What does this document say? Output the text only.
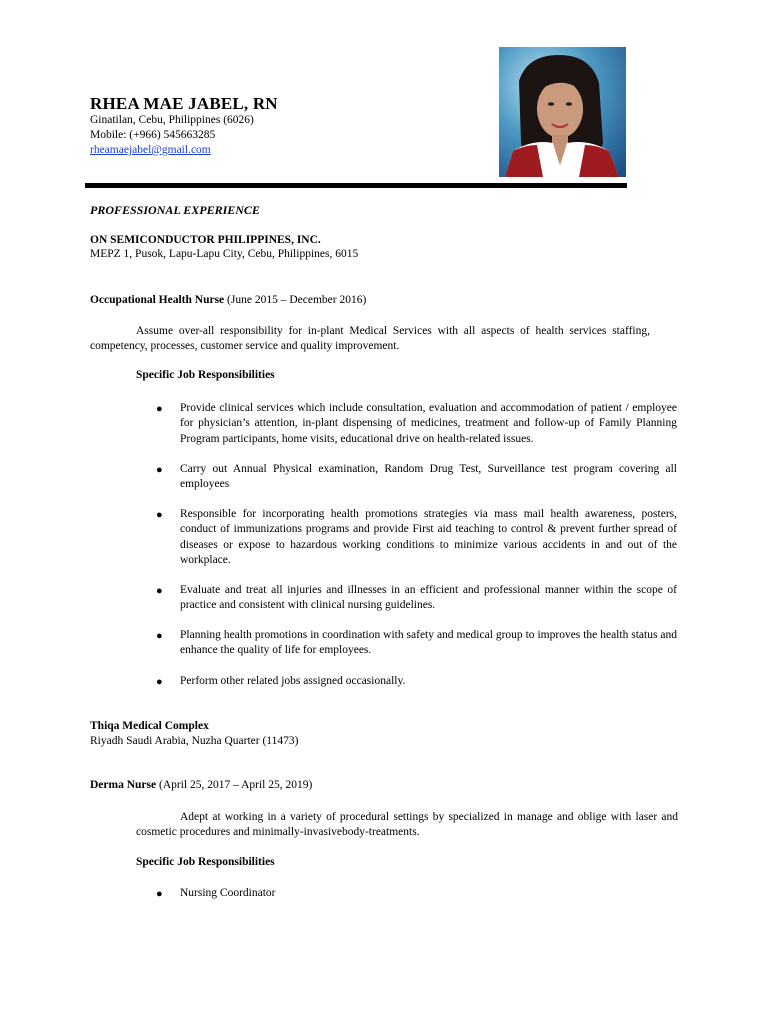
RHEA MAE JABEL, RN
Ginatilan, Cebu, Philippines (6026)
Mobile: (+966) 545663285
rheamaejabel@gmail.com
PROFESSIONAL EXPERIENCE
ON SEMICONDUCTOR PHILIPPINES, INC.
MEPZ 1, Pusok, Lapu-Lapu City, Cebu, Philippines, 6015
Occupational Health Nurse (June 2015 – December 2016)
Assume over-all responsibility for in-plant Medical Services with all aspects of health services staffing, competency, processes, customer service and quality improvement.
Specific Job Responsibilities
● Provide clinical services which include consultation, evaluation and accommodation of patient / employee for physician’s attention, in-plant dispensing of medicines, treatment and follow-up of Family Planning Program participants, home visits, educational drive on health-related issues.
● Carry out Annual Physical examination, Random Drug Test, Surveillance test program covering all employees
● Responsible for incorporating health promotions strategies via mass mail health awareness, posters, conduct of immunizations programs and provide First aid teaching to control & prevent further spread of diseases or expose to hazardous working conditions to minimize various accidents in and out of the workplace.
● Evaluate and treat all injuries and illnesses in an efficient and professional manner within the scope of practice and consistent with clinical nursing guidelines.
● Planning health promotions in coordination with safety and medical group to improves the health status and enhance the quality of life for employees.
● Perform other related jobs assigned occasionally.
Thiqa Medical Complex
Riyadh Saudi Arabia, Nuzha Quarter (11473)
Derma Nurse (April 25, 2017 – April 25, 2019)
Adept at working in a variety of procedural settings by specialized in manage and oblige with laser and cosmetic procedures and minimally-invasivebody-treatments.
Specific Job Responsibilities
● Nursing Coordinator
